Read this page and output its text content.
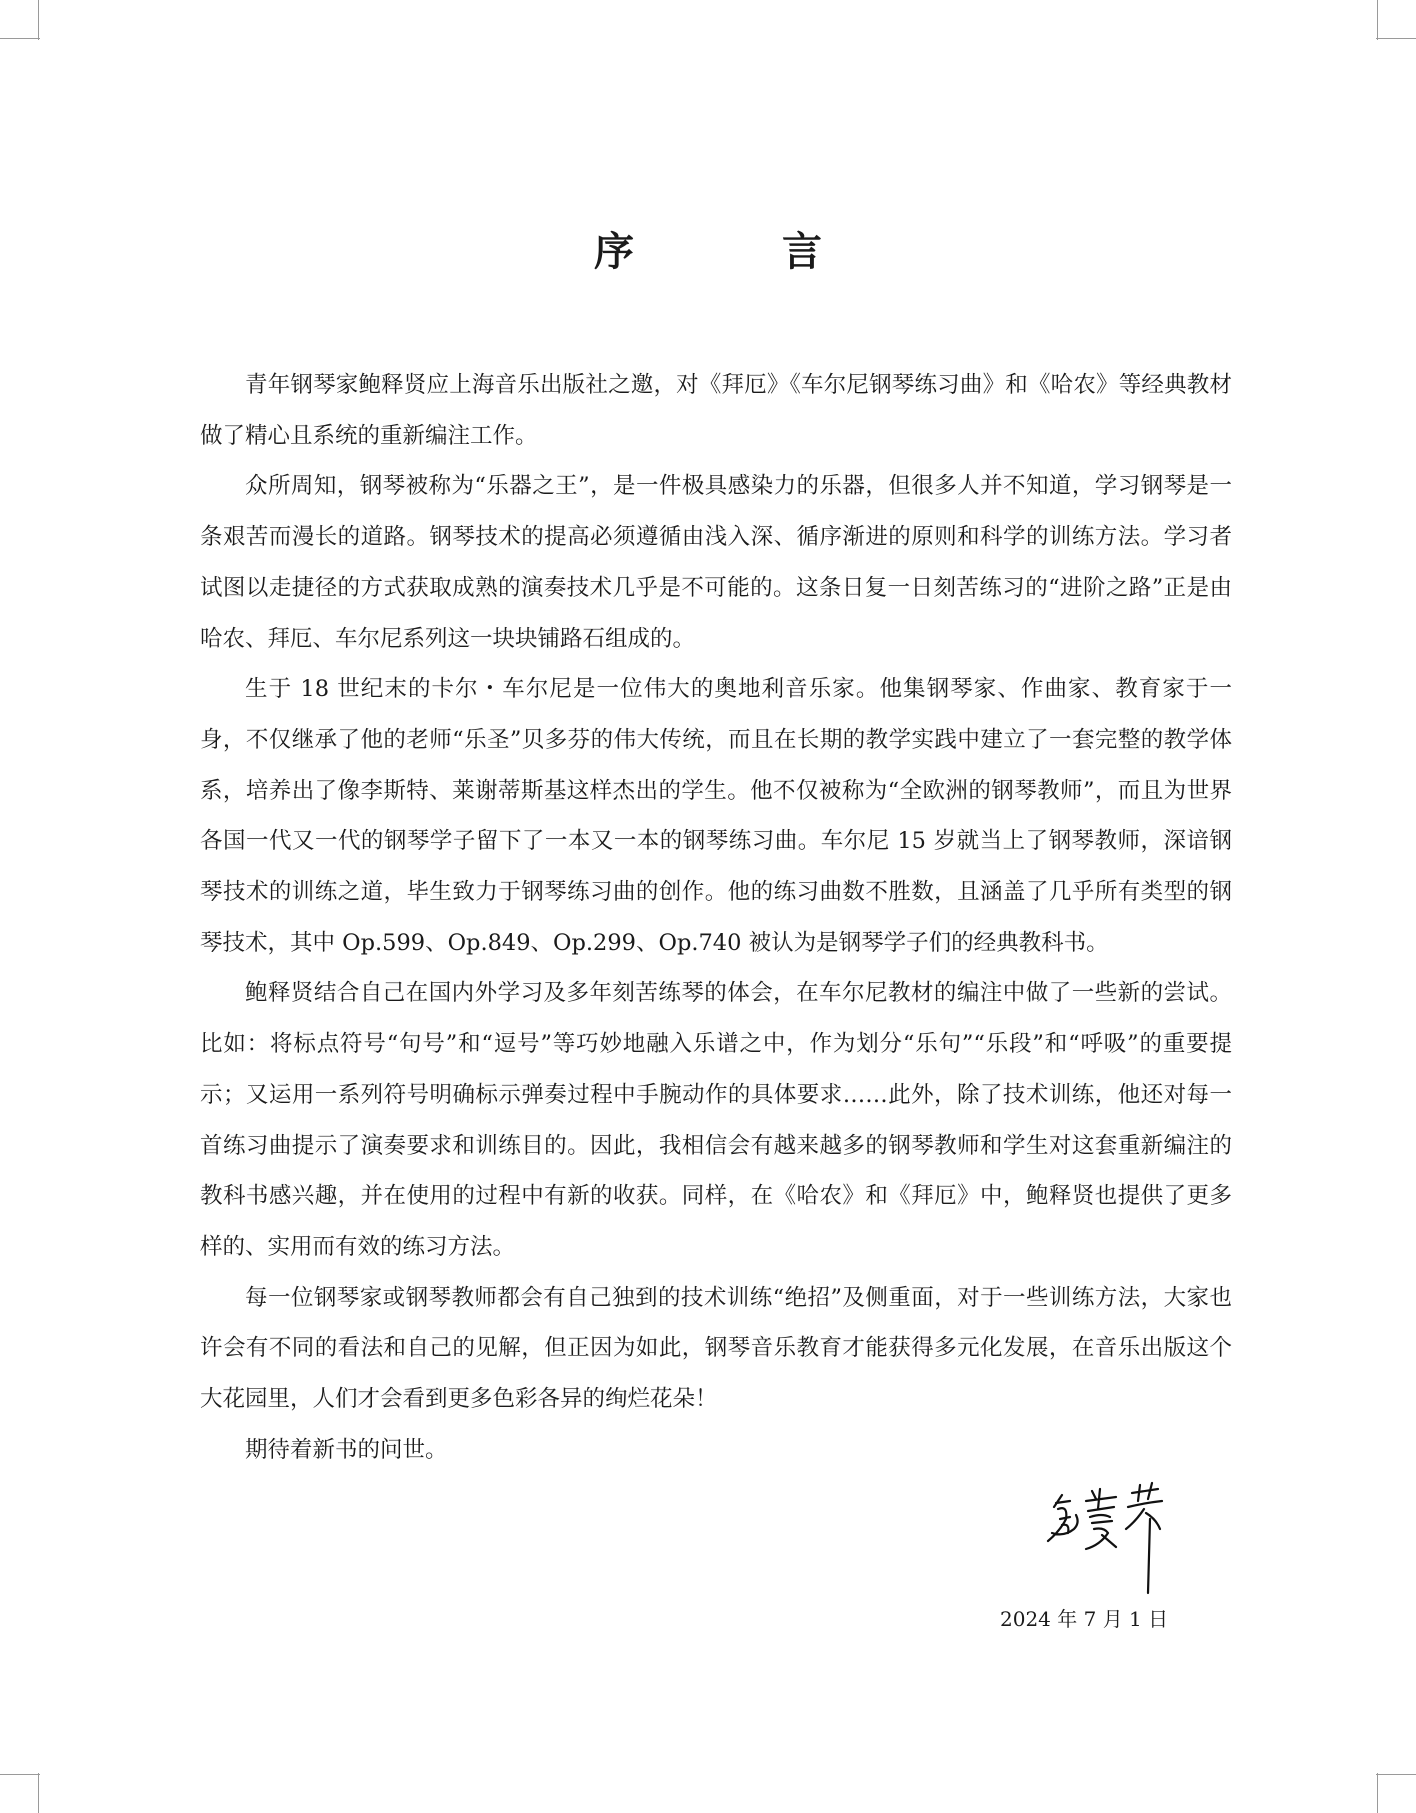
序　言

青年钢琴家鲍释贤应上海音乐出版社之邀，对《拜厄》《车尔尼钢琴练习曲》和《哈农》等经典教材做了精心且系统的重新编注工作。

众所周知，钢琴被称为“乐器之王”，是一件极具感染力的乐器，但很多人并不知道，学习钢琴是一条艰苦而漫长的道路。钢琴技术的提高必须遵循由浅入深、循序渐进的原则和科学的训练方法。学习者试图以走捷径的方式获取成熟的演奏技术几乎是不可能的。这条日复一日刻苦练习的“进阶之路”正是由哈农、拜厄、车尔尼系列这一块块铺路石组成的。

生于 18 世纪末的卡尔・车尔尼是一位伟大的奥地利音乐家。他集钢琴家、作曲家、教育家于一身，不仅继承了他的老师“乐圣”贝多芬的伟大传统，而且在长期的教学实践中建立了一套完整的教学体系，培养出了像李斯特、莱谢蒂斯基这样杰出的学生。他不仅被称为“全欧洲的钢琴教师”，而且为世界各国一代又一代的钢琴学子留下了一本又一本的钢琴练习曲。车尔尼 15 岁就当上了钢琴教师，深谙钢琴技术的训练之道，毕生致力于钢琴练习曲的创作。他的练习曲数不胜数，且涵盖了几乎所有类型的钢琴技术，其中 Op.599、Op.849、Op.299、Op.740 被认为是钢琴学子们的经典教科书。

鲍释贤结合自己在国内外学习及多年刻苦练琴的体会，在车尔尼教材的编注中做了一些新的尝试。比如：将标点符号“句号”和“逗号”等巧妙地融入乐谱之中，作为划分“乐句”“乐段”和“呼吸”的重要提示；又运用一系列符号明确标示弹奏过程中手腕动作的具体要求……此外，除了技术训练，他还对每一首练习曲提示了演奏要求和训练目的。因此，我相信会有越来越多的钢琴教师和学生对这套重新编注的教科书感兴趣，并在使用的过程中有新的收获。同样，在《哈农》和《拜厄》中，鲍释贤也提供了更多样的、实用而有效的练习方法。

每一位钢琴家或钢琴教师都会有自己独到的技术训练“绝招”及侧重面，对于一些训练方法，大家也许会有不同的看法和自己的见解，但正因为如此，钢琴音乐教育才能获得多元化发展，在音乐出版这个大花园里，人们才会看到更多色彩各异的绚烂花朵！

期待着新书的问世。

2024 年 7 月 1 日
